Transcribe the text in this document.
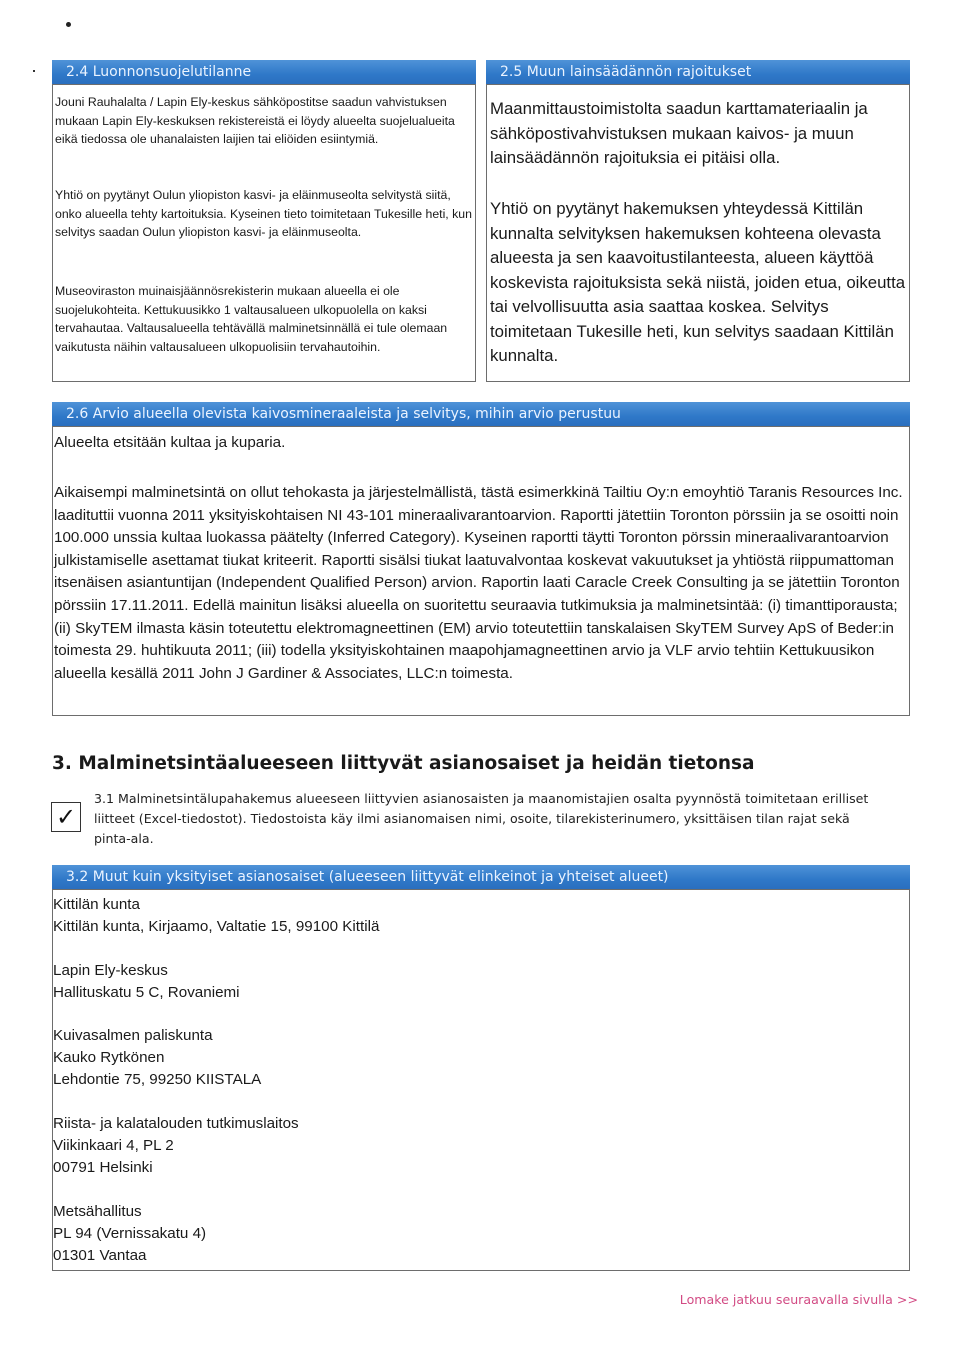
2.4 Luonnonsuojelutilanne

Jouni Rauhalalta / Lapin Ely-keskus sähköpostitse saadun vahvistuksen mukaan Lapin Ely-keskuksen rekistereistä ei löydy alueelta suojelualueita eikä tiedossa ole uhanalaisten laijien tai eliöiden esiintymiä.

Yhtiö on pyytänyt Oulun yliopiston kasvi- ja eläinmuseolta selvitystä siitä, onko alueella tehty kartoituksia. Kyseinen tieto toimitetaan Tukesille heti, kun selvitys saadan Oulun yliopiston kasvi- ja eläinmuseolta.

Museoviraston muinaisjäännösrekisterin mukaan alueella ei ole suojelukohteita. Kettukuusikko 1 valtausalueen ulkopuolella on kaksi tervahautaa. Valtausalueella tehtävällä malminetsinnällä ei tule olemaan vaikutusta näihin valtausalueen ulkopuolisiin tervahautoihin.

2.5 Muun lainsäädännön rajoitukset

Maanmittaustoimistolta saadun karttamateriaalin ja sähköpostivahvistuksen mukaan kaivos- ja muun lainsäädännön rajoituksia ei pitäisi olla.

Yhtiö on pyytänyt hakemuksen yhteydessä Kittilän kunnalta selvityksen hakemuksen kohteena olevasta alueesta ja sen kaavoitustilanteesta, alueen käyttöä koskevista rajoituksista sekä niistä, joiden etua, oikeutta tai velvollisuutta asia saattaa koskea. Selvitys toimitetaan Tukesille heti, kun selvitys saadaan Kittilän kunnalta.

2.6 Arvio alueella olevista kaivosmineraaleista ja selvitys, mihin arvio perustuu

Alueelta etsitään kultaa ja kuparia.

Aikaisempi malminetsintä on ollut tehokasta ja järjestelmällistä, tästä esimerkkinä Tailtiu Oy:n emoyhtiö Taranis Resources Inc. laadituttii vuonna 2011 yksityiskohtaisen NI 43-101 mineraalivarantoarvion. Raportti jätettiin Toronton pörssiin ja se osoitti noin 100.000 unssia kultaa luokassa päätelty (Inferred Category). Kyseinen raportti täytti Toronton pörssin mineraalivarantoarvion julkistamiselle asettamat tiukat kriteerit. Raportti sisälsi tiukat laatuvalvontaa koskevat vakuutukset ja yhtiöstä riippumattoman itsenäisen asiantuntijan (Independent Qualified Person) arvion. Raportin laati Caracle Creek Consulting ja se jätettiin Toronton pörssiin 17.11.2011. Edellä mainitun lisäksi alueella on suoritettu seuraavia tutkimuksia ja malminetsintää: (i) timanttiporausta; (ii) SkyTEM ilmasta käsin toteutettu elektromagneettinen (EM) arvio toteutettiin tanskalaisen SkyTEM Survey ApS of Beder:in toimesta 29. huhtikuuta 2011; (iii) todella yksityiskohtainen maapohjamagneettinen arvio ja VLF arvio tehtiin Kettukuusikon alueella kesällä 2011 John J Gardiner & Associates, LLC:n toimesta.

3. Malminetsintäalueeseen liittyvät asianosaiset ja heidän tietonsa
✓
3.1 Malminetsintälupahakemus alueeseen liittyvien asianosaisten ja maanomistajien osalta pyynnöstä toimitetaan erilliset liitteet (Excel-tiedostot). Tiedostoista käy ilmi asianomaisen nimi, osoite, tilarekisterinumero, yksittäisen tilan rajat sekä pinta-ala.
3.2 Muut kuin yksityiset asianosaiset (alueeseen liittyvät elinkeinot ja yhteiset alueet)

Kittilän kunta

Kittilän kunta, Kirjaamo, Valtatie 15, 99100 Kittilä

Lapin Ely-keskus

Hallituskatu 5 C, Rovaniemi

Kuivasalmen paliskunta

Kauko Rytkönen

Lehdontie 75, 99250 KIISTALA

Riista- ja kalatalouden tutkimuslaitos

Viikinkaari 4, PL 2

00791 Helsinki

Metsähallitus

PL 94 (Vernissakatu 4)

01301 Vantaa

Lomake jatkuu seuraavalla sivulla >>
